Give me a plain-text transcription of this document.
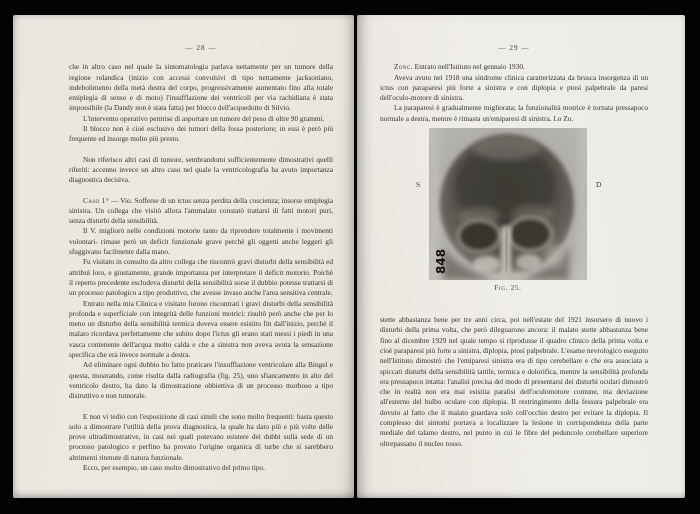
— 28 —

che in altro caso nel quale la sintomatologia parlava nettamente per un tumore della regione rolandica (inizio con accessi convulsivi di tipo nettamente jacksoniano, indebolimento della metà destra del corpo, progressivamente aumentato fino alla totale emiplegia di senso e di moto) l'insufflazione dei ventricoli per via rachidiana è stata impossibile (la Dandy non è stata fatta) per blocco dell'acquedotto di Silvio.

L'intervento operativo permise di asportare un tumore del peso di oltre 90 grammi.

Il blocco non è cioè esclusivo dei tumori della fossa posteriore; in essi è però più frequente ed insorge molto più presto.

Non riferisco altri casi di tumore, sembrandomi sufficientemente dimostrativi quelli riferiti: accenno invece un altro caso nel quale la ventricolografia ha avuto importanza diagnostica decisiva.

Caso 1° — Vio. Sofferse di un ictus senza perdita della coscienza; insorse emiplegia sinistra. Un collega che visitò allora l'ammalato constatò trattarsi di fatti motori puri, senza disturbi della sensibilità.

Il V. migliorò nelle condizioni motorie tanto da riprendere totalmente i movimenti volontari- rimase però un deficit funzionale grave perchè gli oggetti anche leggeri gli sfuggivano facilmente dalla mano.

Fu visitato in consulto da altro collega che riscontrò gravi disturbi della sensibilità ed attribuì loro, e giustamente, grande importanza per interpretare il deficit motorio. Poichè il reperto precedente escludeva disturbi della sensibilità sorse il dubbio potesse trattarsi di un processo patologico a tipo produttivo, che avesse invaso anche l'area sensitiva centrale.

Entrato nella mia Clinica e visitato furono riscontrati i gravi disturbi della sensibilità profonda e superficiale con integrità delle funzioni motrici: risultò però anche che per lo meno un disturbo della sensibilità termica doveva essere esistito fin dall'inizio, perchè il malato ricordava perfettamente che subito dopo l'ictus gli erano stati messi i piedi in una vasca contenente dell'acqua molto calda e che a sinistra non aveva avuta la sensazione specifica che era invece normale a destra.

Ad eliminare ogni dubbio ho fatto praticare l'insufflazione ventricolare alla Bingel e questa, mostrando, come risulta dalla radiografia (fig. 25), uno sfiancamento in alto del ventricolo destro, ha dato la dimostrazione obbiettiva di un processo morboso a tipo distruttivo e non tumorale.

E non vi tedio con l'esposizione di casi simili che sono molto frequenti: basta questo solo a dimostrare l'utilità della prova diagnostica, la quale ha dato più e più volte delle prove ultradimostrative, in casi nei quali potevano esistere dei dubbi sulla sede di un processo patologico e perfino ha provato l'origine organica di turbe che si sarebbero altrimenti ritenute di natura funzionale.

Ecco, per esempio, un caso molto dimostrativo del primo tipo.

— 29 —

Zonc. Entrato nell'Istituto nel gennaio 1930.

Aveva avuto nel 1918 una sindrome clinica caratterizzata da brusca insorgenza di un ictus con paraparesi più forte a sinistra e con diplopia e ptosi palpebrale da paresi dell'oculo-motore di sinistra.

La paraparesi è gradualmente migliorata; la funzionalità motrice è tornata pressapoco normale a destra, mentre è rimasta un'emiparesi di sinistra. Lo Zo.

848
S	D
Fig. 25.

stette abbastanza bene per tre anni circa, poi nell'estate del 1921 insorsero di nuovo i disturbi della prima volta, che però dileguarono ancora: il malato stette abbastanza bene fino al dicembre 1929 nel quale tempo si riprodusse il quadro clinico della prima volta e cioè paraparesi più forte a sinistra, diplopia, ptosi palpebrale. L'esame nevrologico eseguito nell'Istituto dimostrò che l'emiparesi sinistra era di tipo cerebellare e che era associata a spiccati disturbi della sensibilità tattile, termica e dolorifica, mentre la sensibilità profonda era pressapoco intatta: l'analisi precisa del modo di presentarsi dei disturbi oculari dimostrò che in realtà non era mai esistita paralisi dell'oculomotore comune, ma deviazione all'esterno del bulbo oculare con diplopia. Il restringimento della fessura palpebrale era dovuto al fatto che il malato guardava solo coll'occhio destro per evitare la diplopia. Il complesso dei sintomi portava a localizzare la lesione in corrispondenza della parte mediale del talamo destro, nel punto in cui le fibre del peduncolo cerebellare superiore oltrepassano il nucleo rosso.
